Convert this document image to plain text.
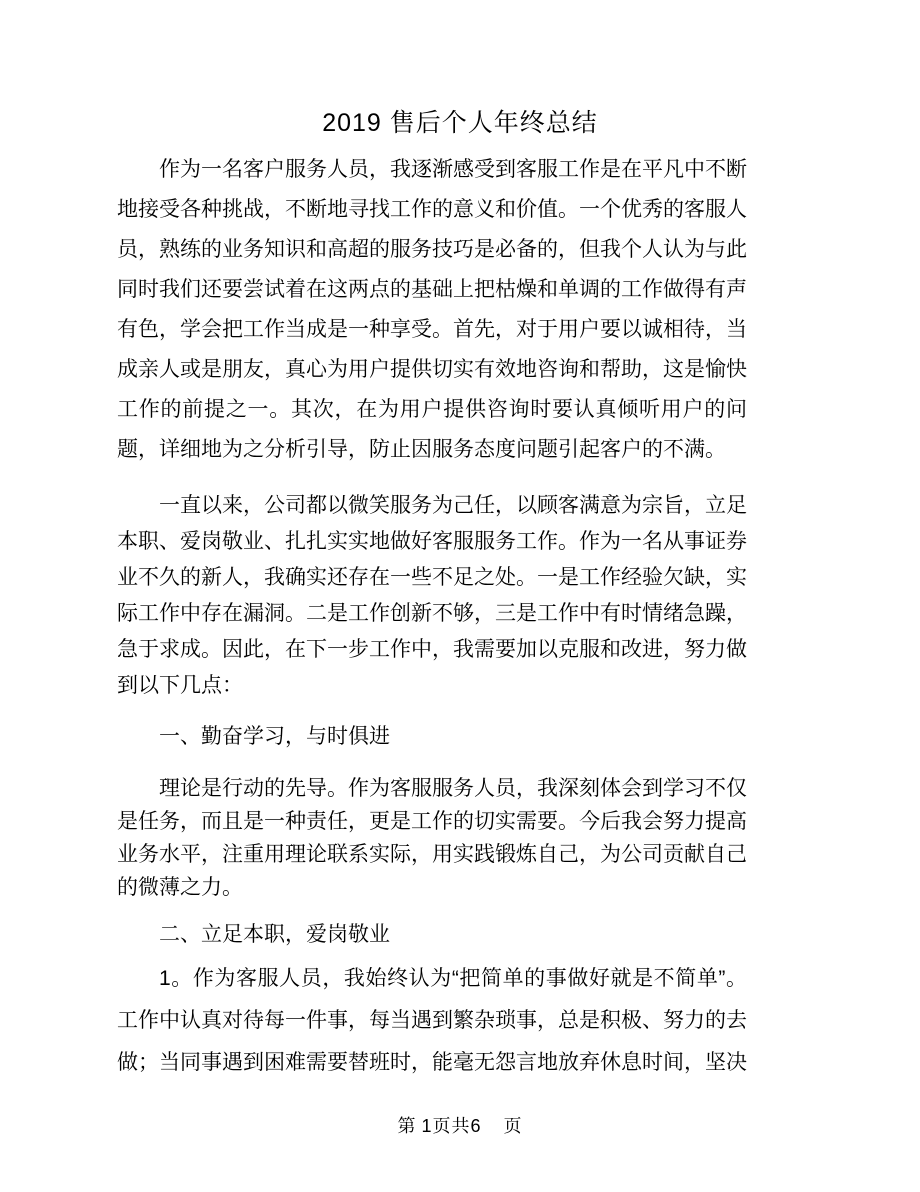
2019 售后个人年终总结
作为一名客户服务人员，我逐渐感受到客服工作是在平凡中不断地接受各种挑战，不断地寻找工作的意义和价值。一个优秀的客服人员，熟练的业务知识和高超的服务技巧是必备的，但我个人认为与此同时我们还要尝试着在这两点的基础上把枯燥和单调的工作做得有声有色，学会把工作当成是一种享受。首先，对于用户要以诚相待，当成亲人或是朋友，真心为用户提供切实有效地咨询和帮助，这是愉快工作的前提之一。其次，在为用户提供咨询时要认真倾听用户的问题，详细地为之分析引导，防止因服务态度问题引起客户的不满。
一直以来，公司都以微笑服务为己任，以顾客满意为宗旨，立足本职、爱岗敬业、扎扎实实地做好客服服务工作。作为一名从事证券业不久的新人，我确实还存在一些不足之处。一是工作经验欠缺，实际工作中存在漏洞。二是工作创新不够，三是工作中有时情绪急躁，急于求成。因此，在下一步工作中，我需要加以克服和改进，努力做到以下几点：
一、勤奋学习，与时俱进
理论是行动的先导。作为客服服务人员，我深刻体会到学习不仅是任务，而且是一种责任，更是工作的切实需要。今后我会努力提高业务水平，注重用理论联系实际，用实践锻炼自己，为公司贡献自己的微薄之力。
二、立足本职，爱岗敬业
1。作为客服人员，我始终认为“把简单的事做好就是不简单”。工作中认真对待每一件事，每当遇到繁杂琐事，总是积极、努力的去做；当同事遇到困难需要替班时，能毫无怨言地放弃休息时间，坚决
第 1页共6 页
